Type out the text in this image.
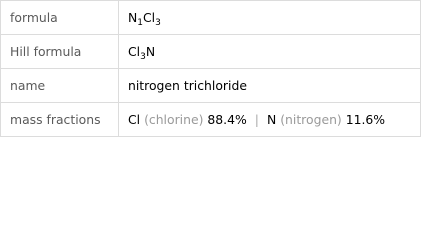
formula	$N_1Cl_3$
Hill formula	$Cl_3N$
name	nitrogen trichloride
mass fractions	Cl (chlorine) 88.4% | N (nitrogen) 11.6%
